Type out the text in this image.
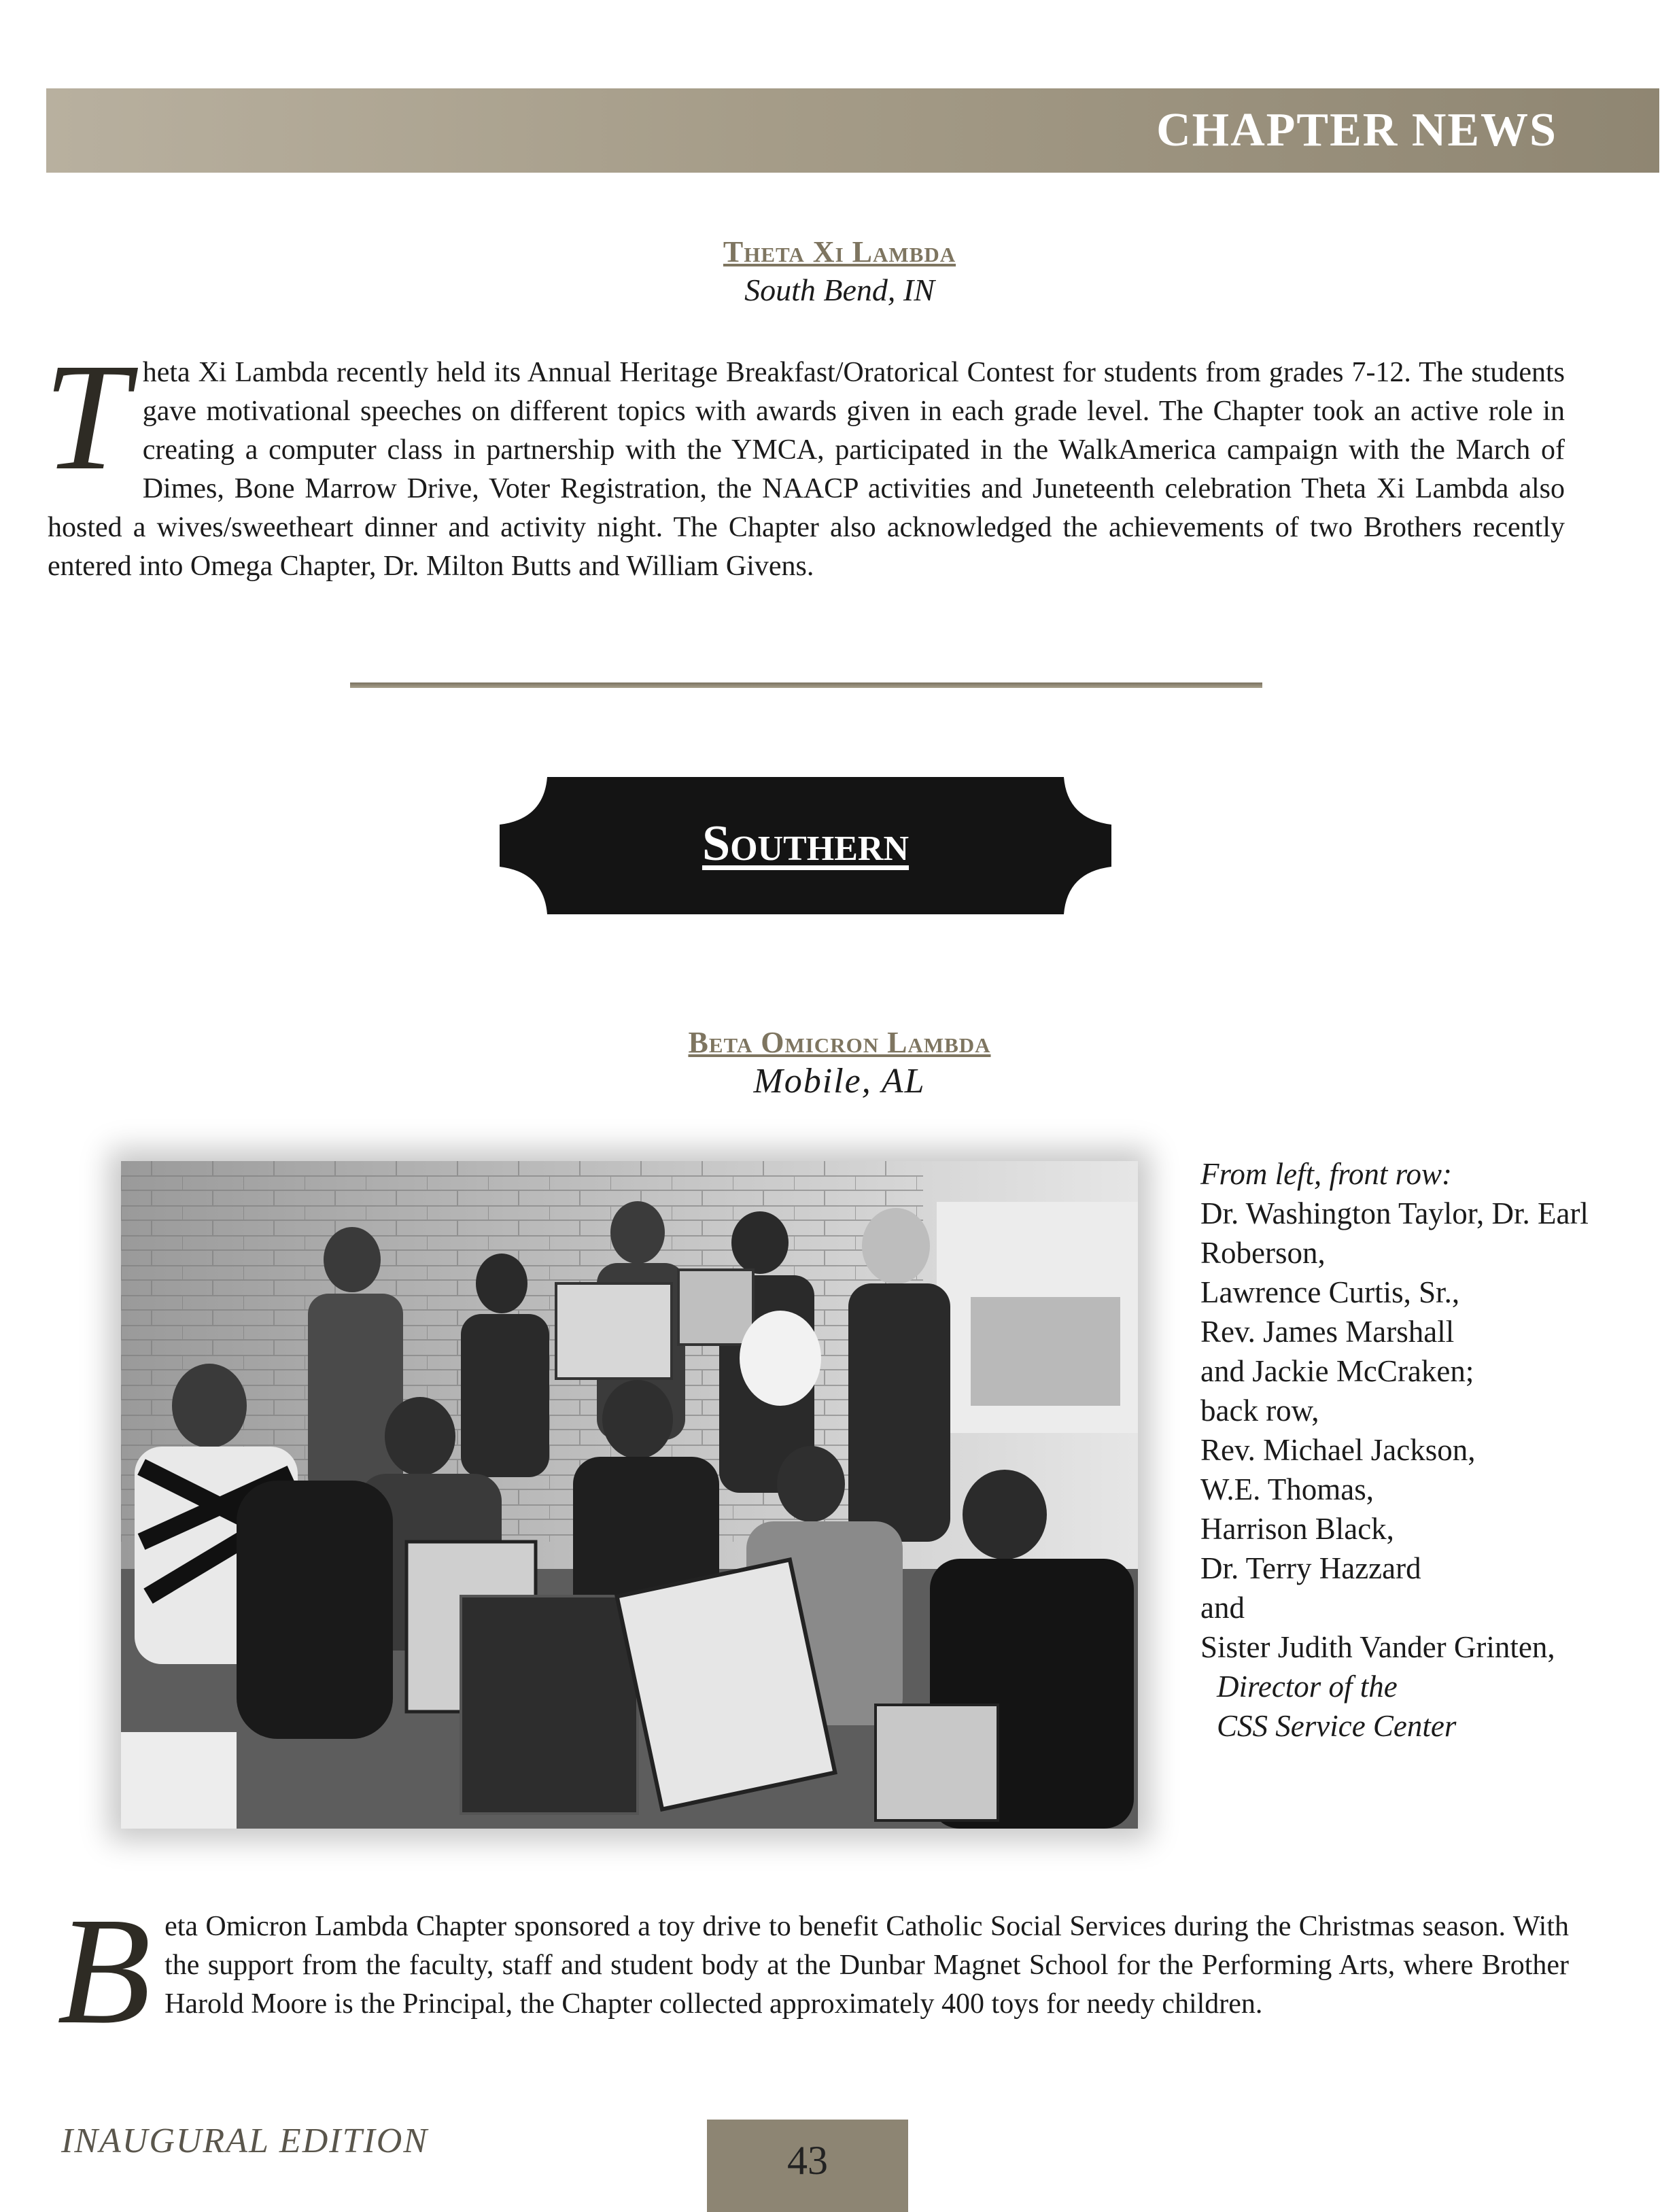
CHAPTER NEWS
Theta Xi Lambda
South Bend, IN
T heta Xi Lambda recently held its Annual Heritage Breakfast/Oratorical Contest for students from grades 7-12. The students gave motivational speeches on different topics with awards given in each grade level. The Chapter took an active role in creating a computer class in partnership with the YMCA, participated in the WalkAmerica campaign with the March of Dimes, Bone Marrow Drive, Voter Registration, the NAACP activities and Juneteenth celebration Theta Xi Lambda also hosted a wives/sweetheart dinner and activity night. The Chapter also acknowledged the achievements of two Brothers recently entered into Omega Chapter, Dr. Milton Butts and William Givens.
Southern
Beta Omicron Lambda
Mobile, AL
From left, front row:
Dr. Washington Taylor, Dr. Earl Roberson,
Lawrence Curtis, Sr.,
Rev. James Marshall
and Jackie McCraken;
back row,
Rev. Michael Jackson,
W.E. Thomas,
Harrison Black,
Dr. Terry Hazzard
and
Sister Judith Vander Grinten,
Director of the
CSS Service Center
B eta Omicron Lambda Chapter sponsored a toy drive to benefit Catholic Social Services during the Christmas season. With the support from the faculty, staff and student body at the Dunbar Magnet School for the Performing Arts, where Brother Harold Moore is the Principal, the Chapter collected approximately 400 toys for needy children.
INAUGURAL EDITION	43
